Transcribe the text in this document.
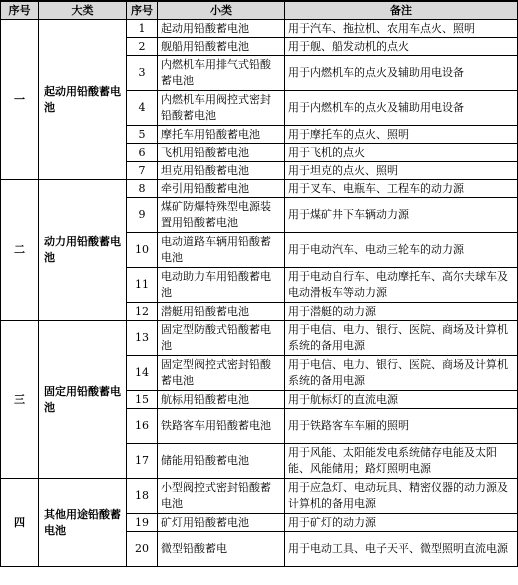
序号	大类	序号	小类	备注
一	起动用铅酸蓄电池	1	起动用铅酸蓄电池	用于汽车、拖拉机、农用车点火、照明
		2	舰船用铅酸蓄电池	用于舰、船发动机的点火
		3	内燃机车用排气式铅酸蓄电池	用于内燃机车的点火及辅助用电设备
		4	内燃机车用阀控式密封铅酸蓄电池	用于内燃机车的点火及辅助用电设备
		5	摩托车用铅酸蓄电池	用于摩托车的点火、照明
		6	飞机用铅酸蓄电池	用于飞机的点火
		7	坦克用铅酸蓄电池	用于坦克的点火、照明
二	动力用铅酸蓄电池	8	牵引用铅酸蓄电池	用于叉车、电瓶车、工程车的动力源
		9	煤矿防爆特殊型电源装置用铅酸蓄电池	用于煤矿井下车辆动力源
		10	电动道路车辆用铅酸蓄电池	用于电动汽车、电动三轮车的动力源
		11	电动助力车用铅酸蓄电池	用于电动自行车、电动摩托车、高尔夫球车及电动滑板车等动力源
		12	潜艇用铅酸蓄电池	用于潜艇的动力源
三	固定用铅酸蓄电池	13	固定型防酸式铅酸蓄电池	用于电信、电力、银行、医院、商场及计算机系统的备用电源
		14	固定型阀控式密封铅酸蓄电池	用于电信、电力、银行、医院、商场及计算机系统的备用电源
		15	航标用铅酸蓄电池	用于航标灯的直流电源
		16	铁路客车用铅酸蓄电池	用于铁路客车车厢的照明
		17	储能用铅酸蓄电池	用于风能、太阳能发电系统储存电能及太阳能、风能储用；路灯照明电源
四	其他用途铅酸蓄电池	18	小型阀控式密封铅酸蓄电池	用于应急灯、电动玩具、精密仪器的动力源及计算机的备用电源
		19	矿灯用铅酸蓄电池	用于矿灯的动力源
		20	微型铅酸蓄电	用于电动工具、电子天平、微型照明直流电源
